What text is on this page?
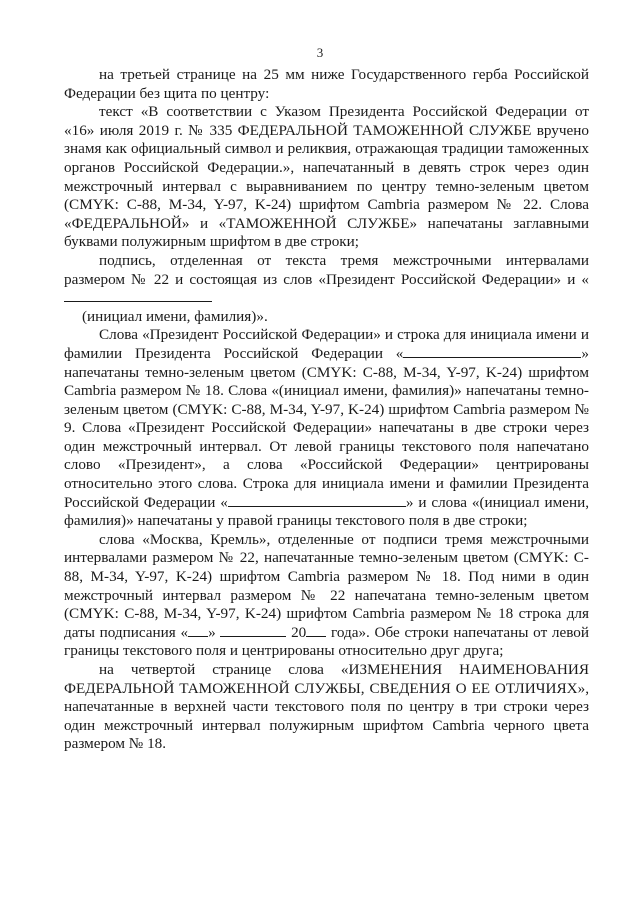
3

на третьей странице на 25 мм ниже Государственного герба Российской Федерации без щита по центру:

текст «В соответствии с Указом Президента Российской Федерации от «16» июля 2019 г. № 335 ФЕДЕРАЛЬНОЙ ТАМОЖЕННОЙ СЛУЖБЕ вручено знамя как официальный символ и реликвия, отражающая традиции таможенных органов Российской Федерации.», напечатанный в девять строк через один межстрочный интервал с выравниванием по центру темно-зеленым цветом (CMYK: C-88, M-34, Y-97, K-24) шрифтом Cambria размером № 22. Слова «ФЕДЕРАЛЬНОЙ» и «ТАМОЖЕННОЙ СЛУЖБЕ» напечатаны заглавными буквами полужирным шрифтом в две строки;

подпись, отделенная от текста тремя межстрочными интервалами размером № 22 и состоящая из слов «Президент Российской Федерации» и «

(инициал имени, фамилия)».

Слова «Президент Российской Федерации» и строка для инициала имени и фамилии Президента Российской Федерации «	» напечатаны темно-зеленым цветом (CMYK: C-88, M-34, Y-97, K-24) шрифтом Cambria размером № 18. Слова «(инициал имени, фамилия)» напечатаны темно-зеленым цветом (CMYK: C-88, M-34, Y-97, K-24) шрифтом Cambria размером № 9. Слова «Президент Российской Федерации» напечатаны в две строки через один межстрочный интервал. От левой границы текстового поля напечатано слово «Президент», а слова «Российской Федерации» центрированы относительно этого слова. Строка для инициала имени и фамилии Президента Российской Федерации «	» и слова «(инициал имени, фамилия)» напечатаны у правой границы текстового поля в две строки;

слова «Москва, Кремль», отделенные от подписи тремя межстрочными интервалами размером № 22, напечатанные темно-зеленым цветом (CMYK: C-88, M-34, Y-97, K-24) шрифтом Cambria размером № 18. Под ними в один межстрочный интервал размером № 22 напечатана темно-зеленым цветом (CMYK: C-88, M-34, Y-97, K-24) шрифтом Cambria размером № 18 строка для даты подписания « »	20 года». Обе строки напечатаны от левой границы текстового поля и центрированы относительно друг друга;

на четвертой странице слова «ИЗМЕНЕНИЯ НАИМЕНОВАНИЯ ФЕДЕРАЛЬНОЙ ТАМОЖЕННОЙ СЛУЖБЫ, СВЕДЕНИЯ О ЕЕ ОТЛИЧИЯХ», напечатанные в верхней части текстового поля по центру в три строки через один межстрочный интервал полужирным шрифтом Cambria черного цвета размером № 18.
